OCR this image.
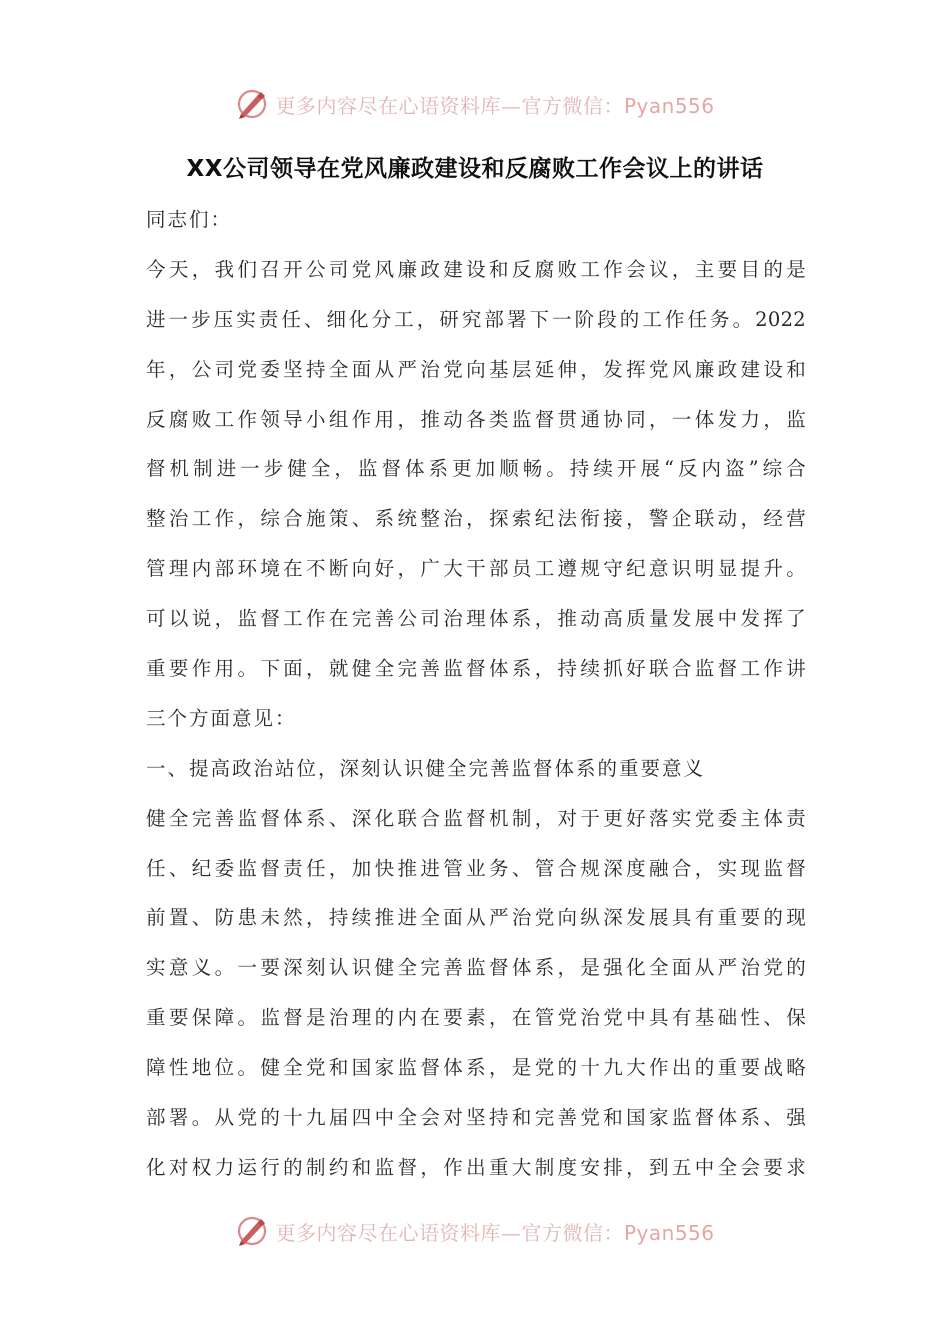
更多内容尽在心语资料库—官方微信：Pyan556
XX公司领导在党风廉政建设和反腐败工作会议上的讲话
同志们：
今天，我们召开公司党风廉政建设和反腐败工作会议，主要目的是
进一步压实责任、细化分工，研究部署下一阶段的工作任务。2022
年，公司党委坚持全面从严治党向基层延伸，发挥党风廉政建设和
反腐败工作领导小组作用，推动各类监督贯通协同，一体发力，监
督机制进一步健全，监督体系更加顺畅。持续开展“反内盗”综合
整治工作，综合施策、系统整治，探索纪法衔接，警企联动，经营
管理内部环境在不断向好，广大干部员工遵规守纪意识明显提升。
可以说，监督工作在完善公司治理体系，推动高质量发展中发挥了
重要作用。下面，就健全完善监督体系，持续抓好联合监督工作讲
三个方面意见：
一、提高政治站位，深刻认识健全完善监督体系的重要意义
健全完善监督体系、深化联合监督机制，对于更好落实党委主体责
任、纪委监督责任，加快推进管业务、管合规深度融合，实现监督
前置、防患未然，持续推进全面从严治党向纵深发展具有重要的现
实意义。一要深刻认识健全完善监督体系，是强化全面从严治党的
重要保障。监督是治理的内在要素，在管党治党中具有基础性、保
障性地位。健全党和国家监督体系，是党的十九大作出的重要战略
部署。从党的十九届四中全会对坚持和完善党和国家监督体系、强
化对权力运行的制约和监督，作出重大制度安排，到五中全会要求
更多内容尽在心语资料库—官方微信：Pyan556
